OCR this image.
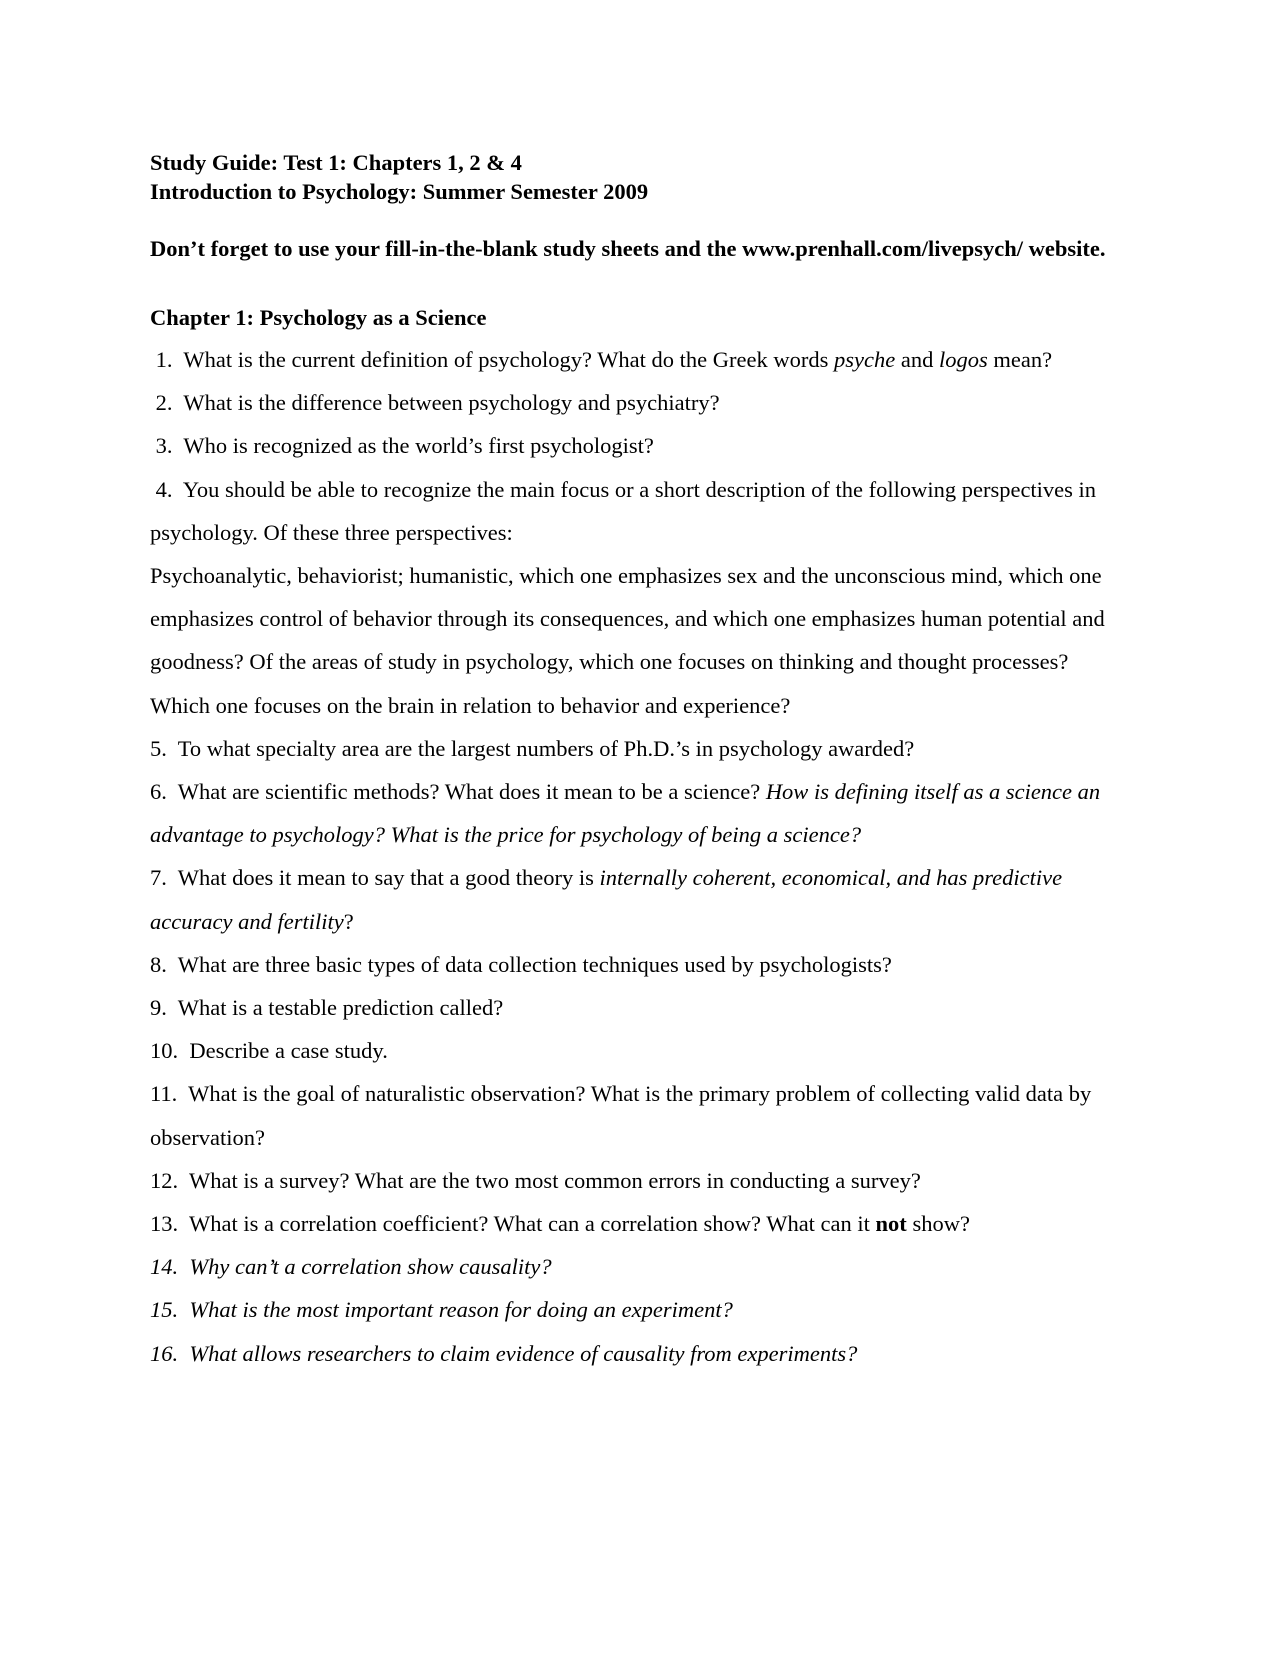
Study Guide: Test 1: Chapters 1, 2 & 4

Introduction to Psychology: Summer Semester 2009

Don’t forget to use your fill-in-the-blank study sheets and the www.prenhall.com/livepsych/ website.

Chapter 1: Psychology as a Science

1.  What is the current definition of psychology? What do the Greek words psyche and logos mean?

2.  What is the difference between psychology and psychiatry?

3.  Who is recognized as the world’s first psychologist?

4.  You should be able to recognize the main focus or a short description of the following perspectives in psychology. Of these three perspectives:

Psychoanalytic, behaviorist; humanistic, which one emphasizes sex and the unconscious mind, which one emphasizes control of behavior through its consequences, and which one emphasizes human potential and goodness? Of the areas of study in psychology, which one focuses on thinking and thought processes? Which one focuses on the brain in relation to behavior and experience?

5.  To what specialty area are the largest numbers of Ph.D.’s in psychology awarded?

6.  What are scientific methods? What does it mean to be a science? How is defining itself as a science an advantage to psychology? What is the price for psychology of being a science?

7.  What does it mean to say that a good theory is internally coherent, economical, and has predictive accuracy and fertility?

8.  What are three basic types of data collection techniques used by psychologists?

9.  What is a testable prediction called?

10.  Describe a case study.

11.  What is the goal of naturalistic observation? What is the primary problem of collecting valid data by observation?

12.  What is a survey? What are the two most common errors in conducting a survey?

13.  What is a correlation coefficient? What can a correlation show? What can it not show?

14.  Why can’t a correlation show causality?

15.  What is the most important reason for doing an experiment?

16.  What allows researchers to claim evidence of causality from experiments?
